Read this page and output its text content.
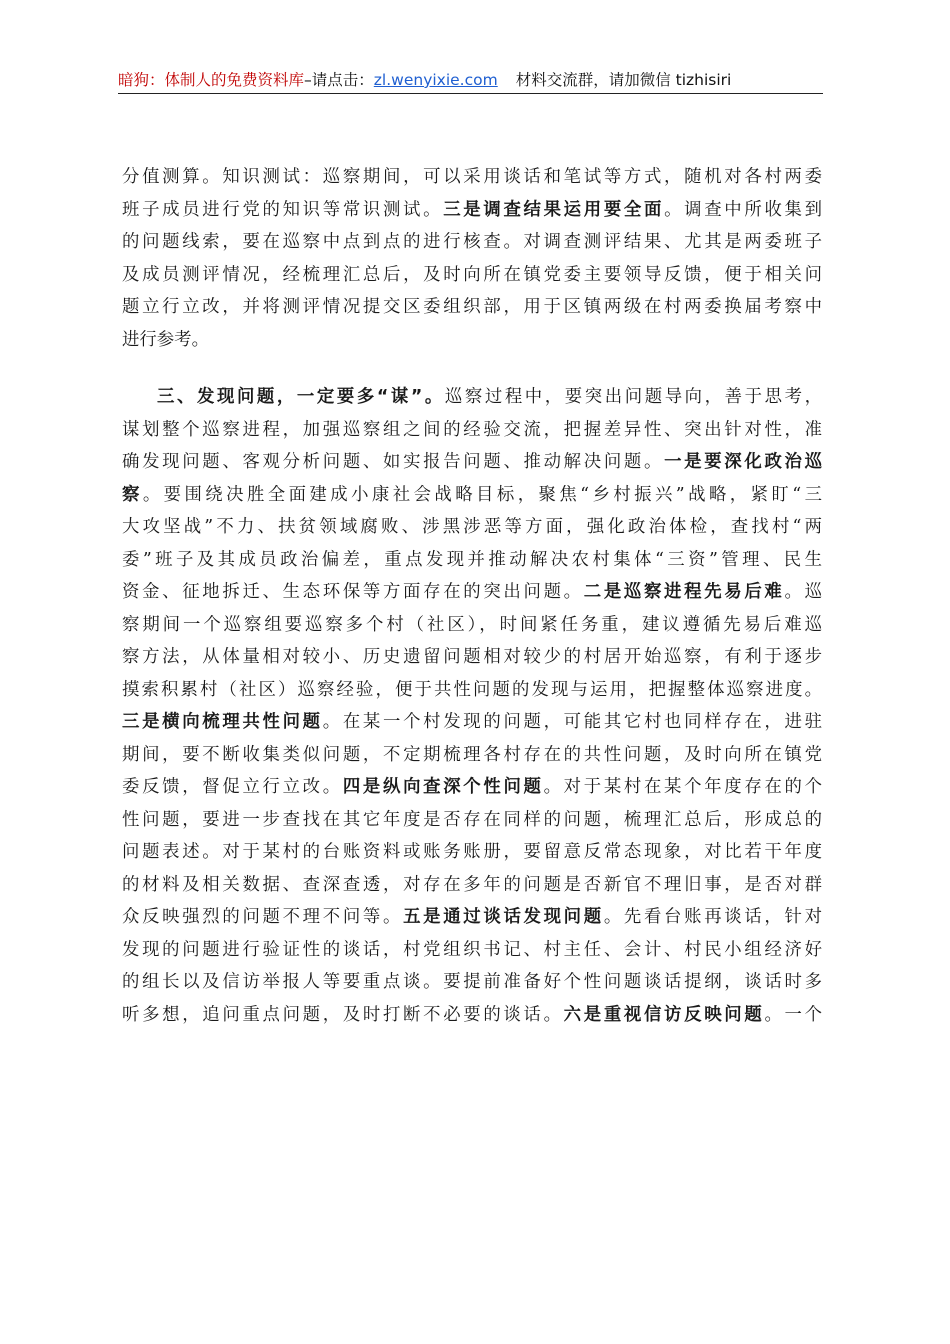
暗狗：体制人的免费资料库–请点击：zl.wenyixie.com 材料交流群，请加微信 tizhisiri
分值测算。知识测试：巡察期间，可以采用谈话和笔试等方式，随机对各村两委
班子成员进行党的知识等常识测试。三是调查结果运用要全面。调查中所收集到
的问题线索，要在巡察中点到点的进行核查。对调查测评结果、尤其是两委班子
及成员测评情况，经梳理汇总后，及时向所在镇党委主要领导反馈，便于相关问
题立行立改，并将测评情况提交区委组织部，用于区镇两级在村两委换届考察中
进行参考。
三、发现问题，一定要多“谋”。巡察过程中，要突出问题导向，善于思考，
谋划整个巡察进程，加强巡察组之间的经验交流，把握差异性、突出针对性，准
确发现问题、客观分析问题、如实报告问题、推动解决问题。一是要深化政治巡
察。要围绕决胜全面建成小康社会战略目标，聚焦“乡村振兴”战略，紧盯“三
大攻坚战”不力、扶贫领域腐败、涉黑涉恶等方面，强化政治体检，查找村“两
委”班子及其成员政治偏差，重点发现并推动解决农村集体“三资”管理、民生
资金、征地拆迁、生态环保等方面存在的突出问题。二是巡察进程先易后难。巡
察期间一个巡察组要巡察多个村（社区），时间紧任务重，建议遵循先易后难巡
察方法，从体量相对较小、历史遗留问题相对较少的村居开始巡察，有利于逐步
摸索积累村（社区）巡察经验，便于共性问题的发现与运用，把握整体巡察进度。
三是横向梳理共性问题。在某一个村发现的问题，可能其它村也同样存在，进驻
期间，要不断收集类似问题，不定期梳理各村存在的共性问题，及时向所在镇党
委反馈，督促立行立改。四是纵向查深个性问题。对于某村在某个年度存在的个
性问题，要进一步查找在其它年度是否存在同样的问题，梳理汇总后，形成总的
问题表述。对于某村的台账资料或账务账册，要留意反常态现象，对比若干年度
的材料及相关数据、查深查透，对存在多年的问题是否新官不理旧事，是否对群
众反映强烈的问题不理不问等。五是通过谈话发现问题。先看台账再谈话，针对
发现的问题进行验证性的谈话，村党组织书记、村主任、会计、村民小组经济好
的组长以及信访举报人等要重点谈。要提前准备好个性问题谈话提纲，谈话时多
听多想，追问重点问题，及时打断不必要的谈话。六是重视信访反映问题。一个
